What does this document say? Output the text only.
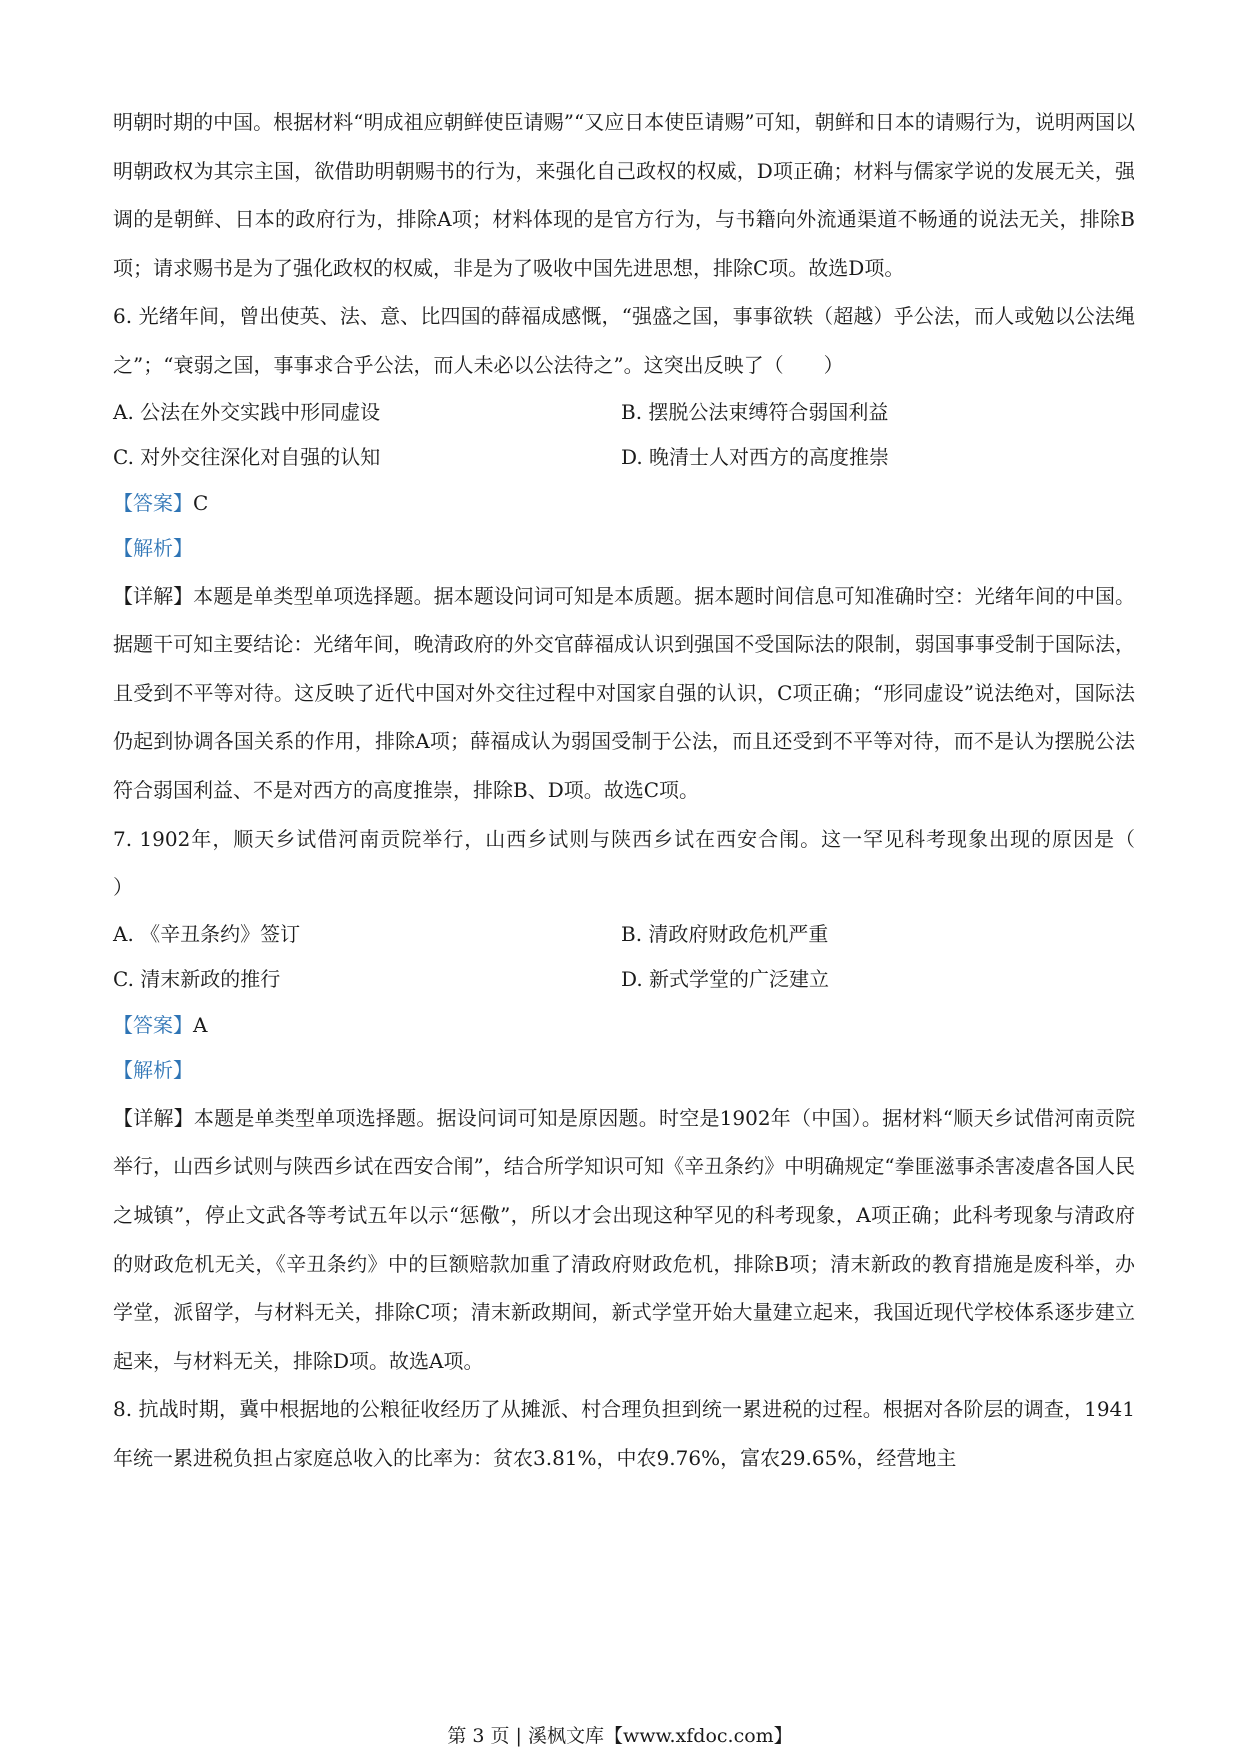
明朝时期的中国。根据材料“明成祖应朝鲜使臣请赐”“又应日本使臣请赐”可知，朝鲜和日本的请赐行为，说明两国以明朝政权为其宗主国，欲借助明朝赐书的行为，来强化自己政权的权威，D项正确；材料与儒家学说的发展无关，强调的是朝鲜、日本的政府行为，排除A项；材料体现的是官方行为，与书籍向外流通渠道不畅通的说法无关，排除B项；请求赐书是为了强化政权的权威，非是为了吸收中国先进思想，排除C项。故选D项。

6. 光绪年间，曾出使英、法、意、比四国的薛福成感慨，“强盛之国，事事欲轶（超越）乎公法，而人或勉以公法绳之”；“衰弱之国，事事求合乎公法，而人未必以公法待之”。这突出反映了（　　）

A. 公法在外交实践中形同虚设	B. 摆脱公法束缚符合弱国利益

C. 对外交往深化对自强的认知	D. 晚清士人对西方的高度推崇

【答案】C

【解析】

【详解】本题是单类型单项选择题。据本题设问词可知是本质题。据本题时间信息可知准确时空：光绪年间的中国。据题干可知主要结论：光绪年间，晚清政府的外交官薛福成认识到强国不受国际法的限制，弱国事事受制于国际法，且受到不平等对待。这反映了近代中国对外交往过程中对国家自强的认识，C项正确；“形同虚设”说法绝对，国际法仍起到协调各国关系的作用，排除A项；薛福成认为弱国受制于公法，而且还受到不平等对待，而不是认为摆脱公法符合弱国利益、不是对西方的高度推崇，排除B、D项。故选C项。

7. 1902年，顺天乡试借河南贡院举行，山西乡试则与陕西乡试在西安合闱。这一罕见科考现象出现的原因是（　　）

A. 《辛丑条约》签订	B. 清政府财政危机严重

C. 清末新政的推行	D. 新式学堂的广泛建立

【答案】A

【解析】

【详解】本题是单类型单项选择题。据设问词可知是原因题。时空是1902年（中国）。据材料“顺天乡试借河南贡院举行，山西乡试则与陕西乡试在西安合闱”，结合所学知识可知《辛丑条约》中明确规定“拳匪滋事杀害凌虐各国人民之城镇”，停止文武各等考试五年以示“惩儆”，所以才会出现这种罕见的科考现象，A项正确；此科考现象与清政府的财政危机无关，《辛丑条约》中的巨额赔款加重了清政府财政危机，排除B项；清末新政的教育措施是废科举，办学堂，派留学，与材料无关，排除C项；清末新政期间，新式学堂开始大量建立起来，我国近现代学校体系逐步建立起来，与材料无关，排除D项。故选A项。

8. 抗战时期，冀中根据地的公粮征收经历了从摊派、村合理负担到统一累进税的过程。根据对各阶层的调查，1941年统一累进税负担占家庭总收入的比率为：贫农3.81%，中农9.76%，富农29.65%，经营地主

第 3 页 | 溪枫文库【www.xfdoc.com】
